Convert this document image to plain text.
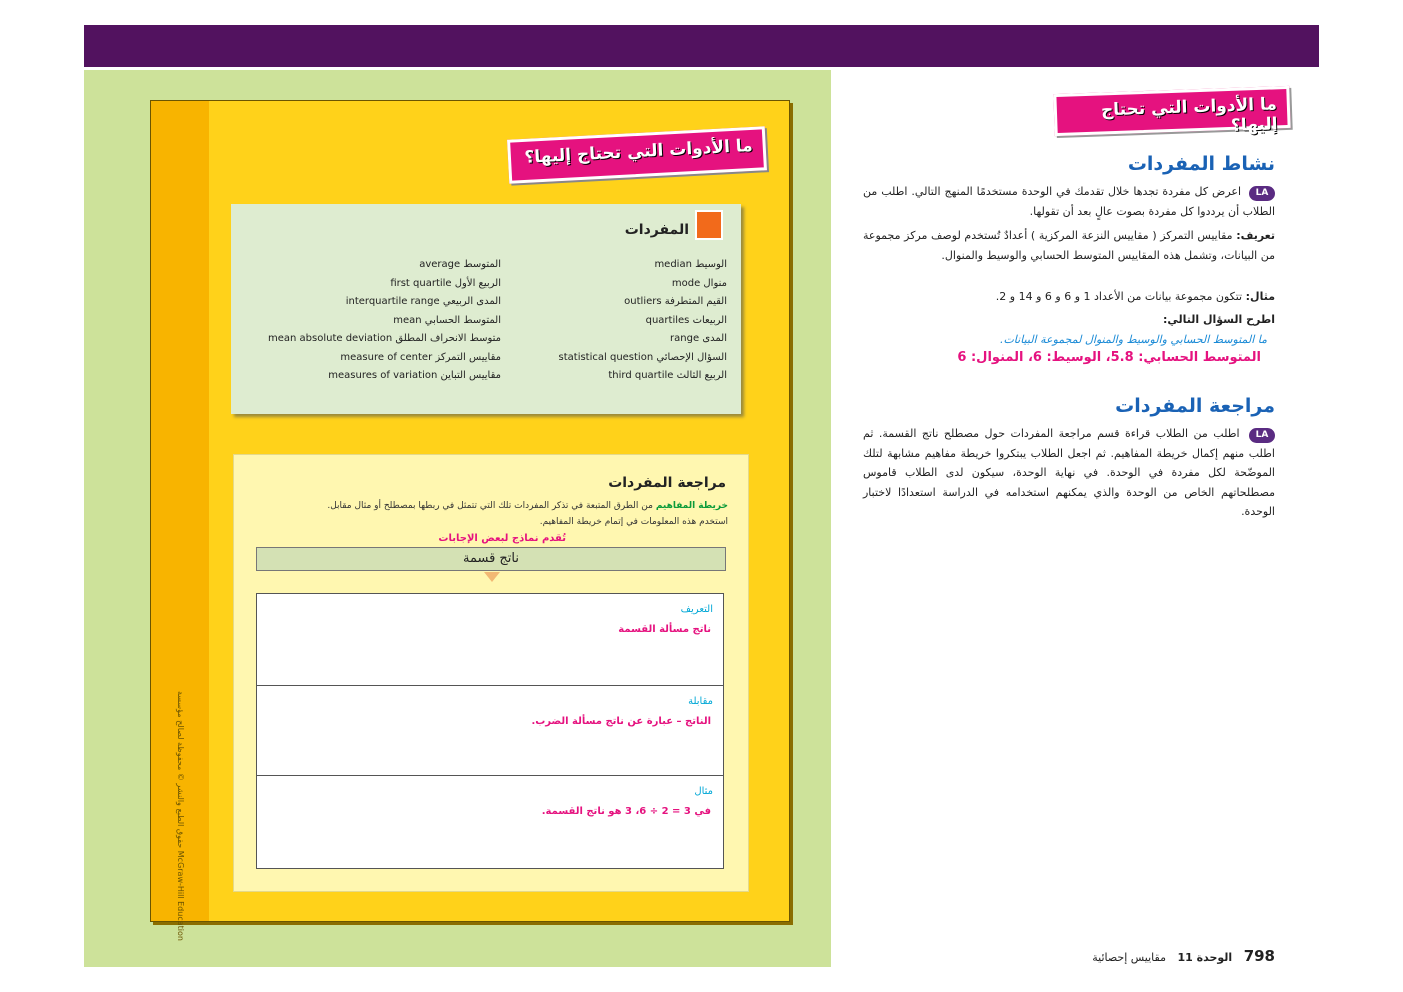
حقوق الطبع والنشر © محفوظة لصالح مؤسسة McGraw-Hill Education
ما الأدوات التي تحتاج إليها؟
المفردات
median الوسيط
mode منوال
outliers القيم المتطرفة
quartiles الربيعات
range المدى
statistical question السؤال الإحصائي
third quartile الربيع الثالث
average المتوسط
first quartile الربيع الأول
interquartile range المدى الربيعي
mean المتوسط الحسابي
mean absolute deviation متوسط الانحراف المطلق
measure of center مقاييس التمركز
measures of variation مقاييس التباين
مراجعة المفردات
خريطة المفاهيم من الطرق المتبعة في تذكر المفردات تلك التي تتمثل في ربطها بمصطلح أو مثال مقابل.
استخدم هذه المعلومات في إتمام خريطة المفاهيم.
تُقدم نماذج لبعض الإجابات
ناتج قسمة
التعريف
ناتج مسألة القسمة
مقابلة
الناتج – عبارة عن ناتج مسألة الضرب.
مثال
في 3 = 2 ÷ 6، 3 هو ناتج القسمة.
ما الأدوات التي تحتاج إليها؟
نشاط المفردات
LA اعرض كل مفردة تجدها خلال تقدمك في الوحدة مستخدمًا المنهج التالي. اطلب من الطلاب أن يرددوا كل مفردة بصوت عالٍ بعد أن تقولها.
تعريف: مقاييس التمركز ( مقاييس النزعة المركزية ) أعدادٌ تُستخدم لوصف مركز مجموعة من البيانات، وتشمل هذه المقاييس المتوسط الحسابي والوسيط والمنوال.
مثال: تتكون مجموعة بيانات من الأعداد 1 و 6 و 6 و 14 و 2.
اطرح السؤال التالي:
ما المتوسط الحسابي والوسيط والمنوال لمجموعة البيانات.
المتوسط الحسابي: 5.8، الوسيط: 6، المنوال: 6
مراجعة المفردات
LA اطلب من الطلاب قراءة قسم مراجعة المفردات حول مصطلح ناتج القسمة. ثم اطلب منهم إكمال خريطة المفاهيم. ثم اجعل الطلاب يبتكروا خريطة مفاهيم مشابهة لتلك الموضّحة لكل مفردة في الوحدة. في نهاية الوحدة، سيكون لدى الطلاب قاموس مصطلحاتهم الخاص من الوحدة والذي يمكنهم استخدامه في الدراسة استعدادًا لاختبار الوحدة.
798 الوحدة 11 مقاييس إحصائية
